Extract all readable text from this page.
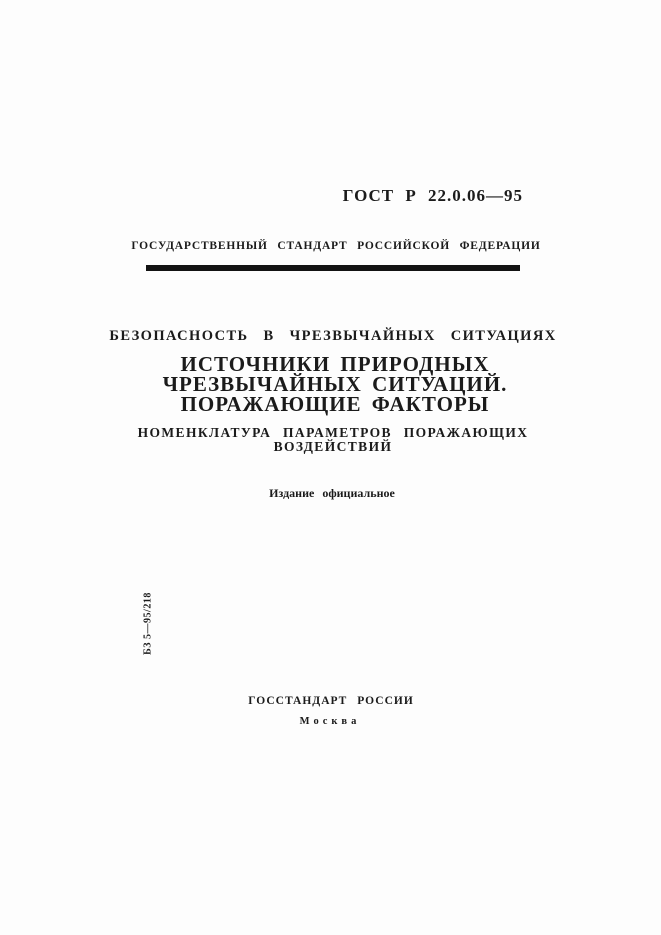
ГОСТ Р 22.0.06—95
ГОСУДАРСТВЕННЫЙ СТАНДАРТ РОССИЙСКОЙ ФЕДЕРАЦИИ
БЕЗОПАСНОСТЬ В ЧРЕЗВЫЧАЙНЫХ СИТУАЦИЯХ
ИСТОЧНИКИ ПРИРОДНЫХ
ЧРЕЗВЫЧАЙНЫХ СИТУАЦИЙ.
ПОРАЖАЮЩИЕ ФАКТОРЫ
НОМЕНКЛАТУРА ПАРАМЕТРОВ ПОРАЖАЮЩИХ
ВОЗДЕЙСТВИЙ
Издание официальное
БЗ 5—95/218
ГОССТАНДАРТ РОССИИ
Москва
